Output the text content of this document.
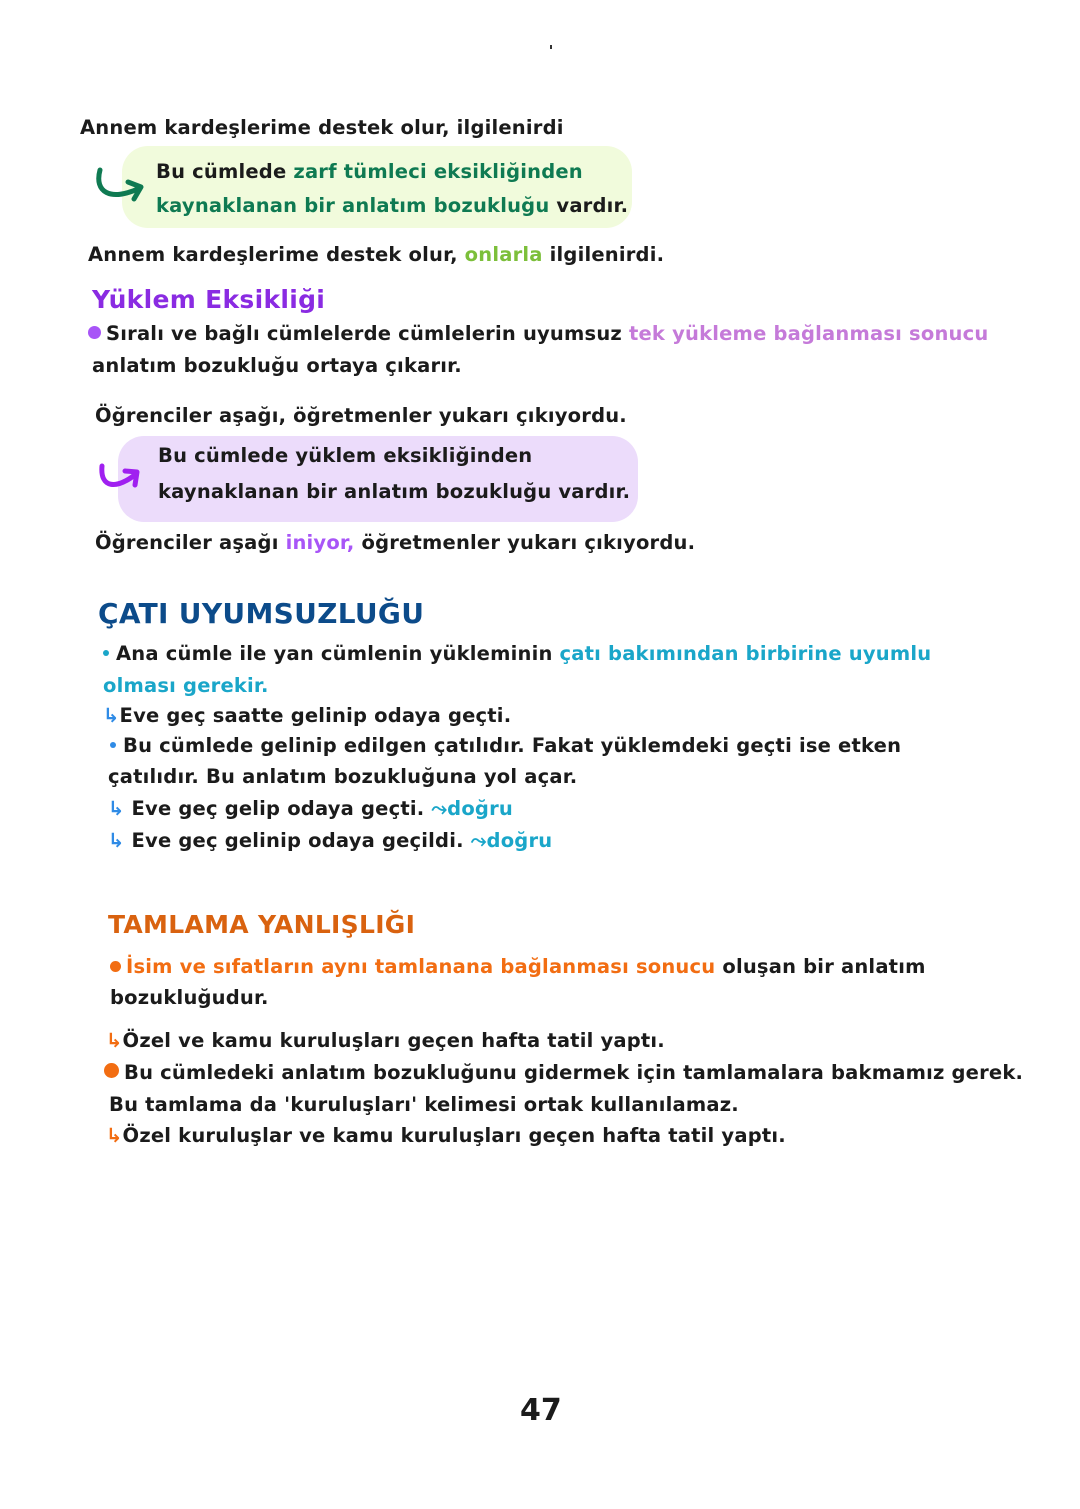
Annem kardeşlerime destek olur, ilgilenirdi
Bu cümlede zarf tümleci eksikliğinden
kaynaklanan bir anlatım bozukluğu vardır.
Annem kardeşlerime destek olur, onlarla ilgilenirdi.
Yüklem Eksikliği
Sıralı ve bağlı cümlelerde cümlelerin uyumsuz tek yükleme bağlanması sonucu
anlatım bozukluğu ortaya çıkarır.
Öğrenciler aşağı, öğretmenler yukarı çıkıyordu.
Bu cümlede yüklem eksikliğinden
kaynaklanan bir anlatım bozukluğu vardır.
Öğrenciler aşağı iniyor, öğretmenler yukarı çıkıyordu.
ÇATI UYUMSUZLUĞU
Ana cümle ile yan cümlenin yükleminin çatı bakımından birbirine uyumlu
olması gerekir.
↳Eve geç saatte gelinip odaya geçti.
Bu cümlede gelinip edilgen çatılıdır. Fakat yüklemdeki geçti ise etken
çatılıdır. Bu anlatım bozukluğuna yol açar.
↳ Eve geç gelip odaya geçti. ⤳doğru
↳ Eve geç gelinip odaya geçildi. ⤳doğru
TAMLAMA YANLIŞLIĞI
İsim ve sıfatların aynı tamlanana bağlanması sonucu oluşan bir anlatım
bozukluğudur.
↳Özel ve kamu kuruluşları geçen hafta tatil yaptı.
Bu cümledeki anlatım bozukluğunu gidermek için tamlamalara bakmamız gerek.
Bu tamlama da 'kuruluşları' kelimesi ortak kullanılamaz.
↳Özel kuruluşlar ve kamu kuruluşları geçen hafta tatil yaptı.
47
